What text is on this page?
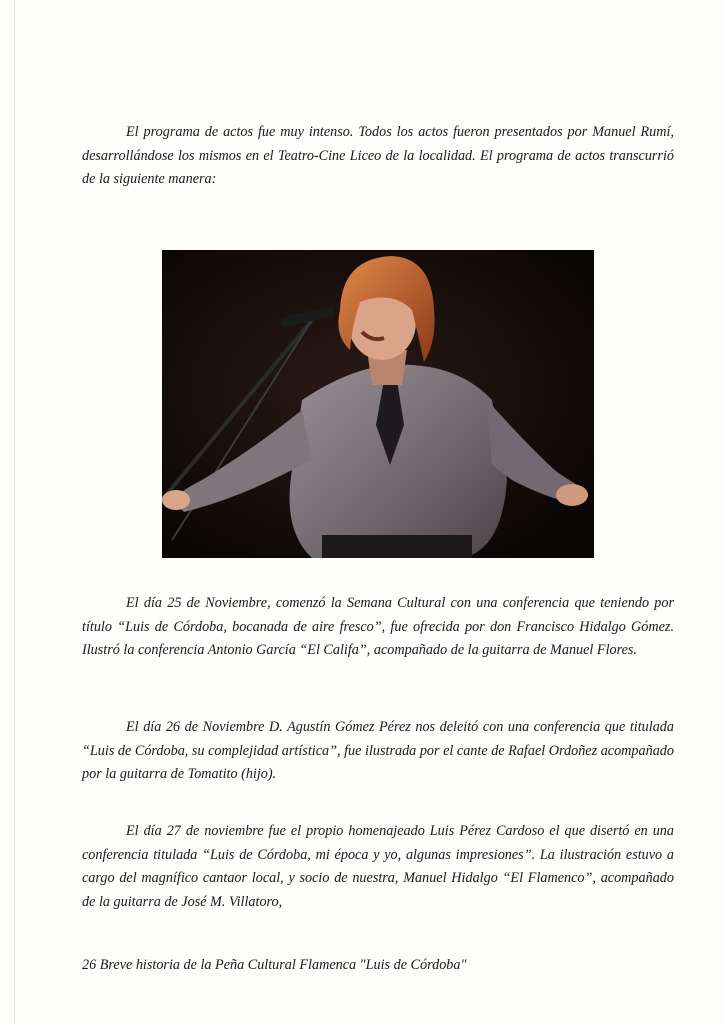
El programa de actos fue muy intenso. Todos los actos fueron presentados por Manuel Rumí, desarrollándose los mismos en el Teatro-Cine Liceo de la localidad. El programa de actos transcurrió de la siguiente manera:

El día 25 de Noviembre, comenzó la Semana Cultural con una conferencia que teniendo por título “Luis de Córdoba, bocanada de aire fresco”, fue ofrecida por don Francisco Hidalgo Gómez. Ilustró la conferencia Antonio García “El Califa”, acompañado de la guitarra de Manuel Flores.

El día 26 de Noviembre D. Agustín Gómez Pérez nos deleitó con una conferencia que titulada “Luis de Córdoba, su complejidad artística”, fue ilustrada por el cante de Rafael Ordoñez acompañado por la guitarra de Tomatito (hijo).

El día 27 de noviembre fue el propio homenajeado Luis Pérez Cardoso el que disertó en una conferencia titulada “Luis de Córdoba, mi época y yo, algunas impresiones”. La ilustración estuvo a cargo del magnífico cantaor local, y socio de nuestra, Manuel Hidalgo “El Flamenco”, acompañado de la guitarra de José M. Villatoro,

26 Breve historia de la Peña Cultural Flamenca "Luis de Córdoba"
